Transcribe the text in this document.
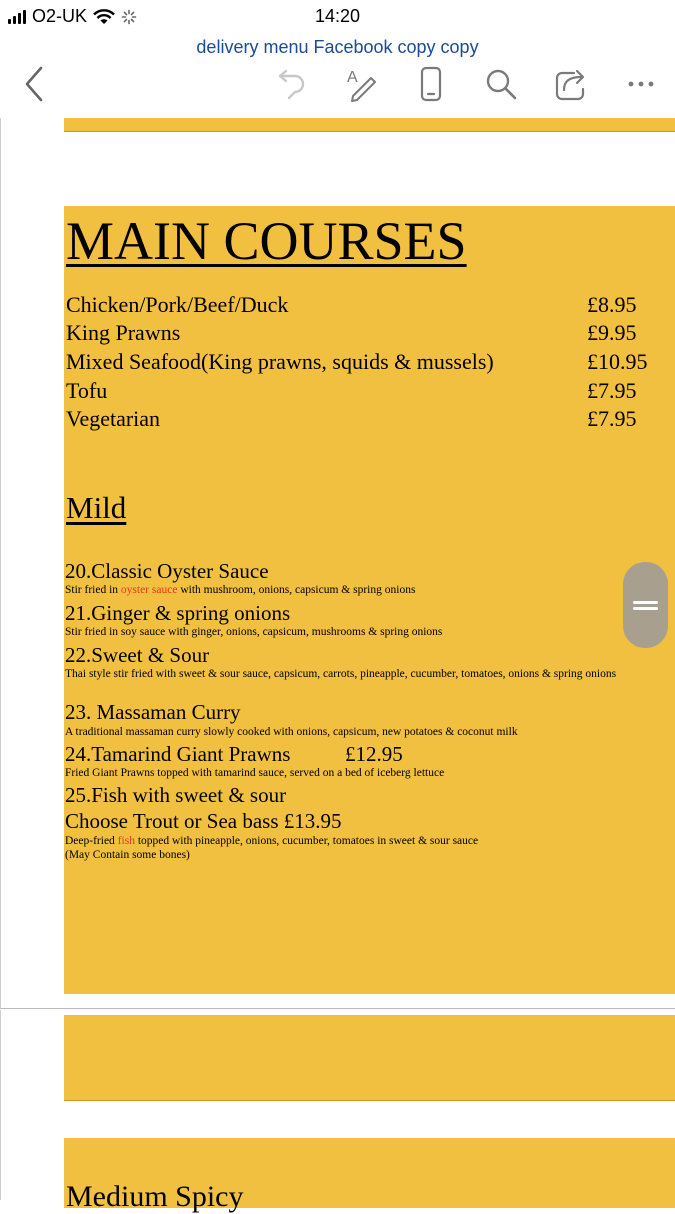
O2-UK	14:20
delivery menu Facebook copy copy
A
MAIN COURSES
Chicken/Pork/Beef/Duck	£8.95
King Prawns	£9.95
Mixed Seafood(King prawns, squids & mussels)	£10.95
Tofu	£7.95
Vegetarian	£7.95
Mild
20.Classic Oyster Sauce
Stir fried in oyster sauce with mushroom, onions, capsicum & spring onions
21.Ginger & spring onions
Stir fried in soy sauce with ginger, onions, capsicum, mushrooms & spring onions
22.Sweet & Sour
Thai style stir fried with sweet & sour sauce, capsicum, carrots, pineapple, cucumber, tomatoes, onions & spring onions
23. Massaman Curry
A traditional massaman curry slowly cooked with onions, capsicum, new potatoes & coconut milk
24.Tamarind Giant Prawns	£12.95
Fried Giant Prawns topped with tamarind sauce, served on a bed of iceberg lettuce
25.Fish with sweet & sour
Choose Trout or Sea bass £13.95
Deep-fried fish topped with pineapple, onions, cucumber, tomatoes in sweet & sour sauce
(May Contain some bones)
Medium Spicy
